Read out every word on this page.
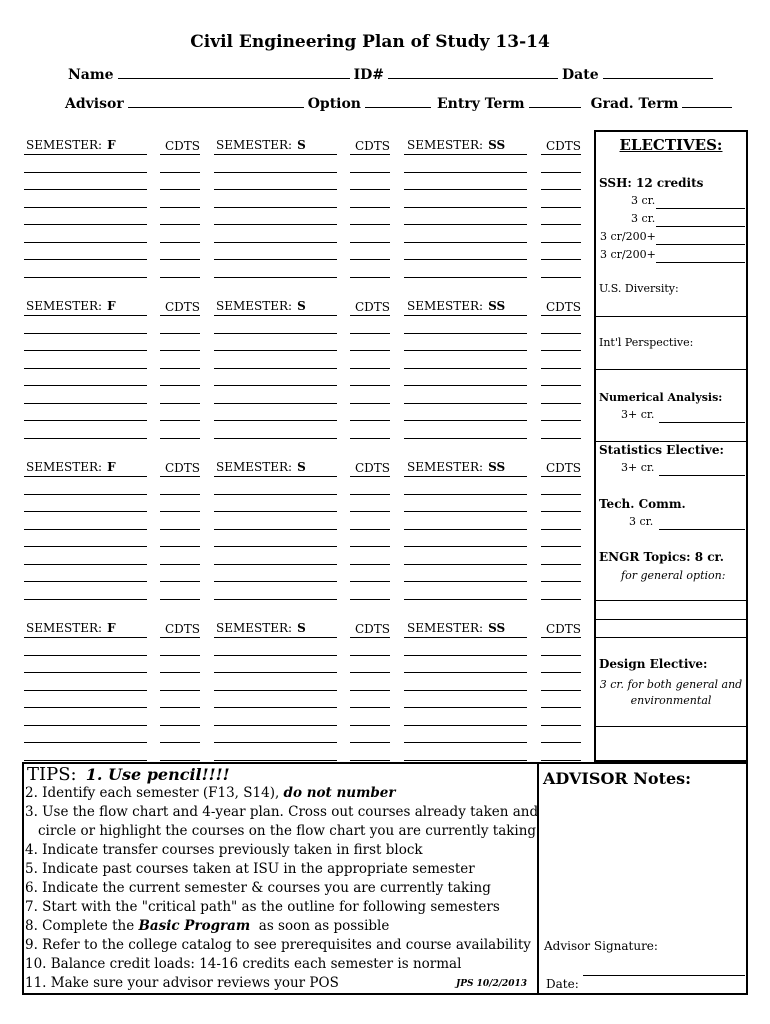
Civil Engineering Plan of Study 13-14
Name	ID#	Date
Advisor	Option	Entry Term	Grad. Term
SEMESTER: F	CDTS SEMESTER: S	CDTS SEMESTER: SS	CDTS
SEMESTER: F	CDTS SEMESTER: S	CDTS SEMESTER: SS	CDTS
SEMESTER: F	CDTS SEMESTER: S	CDTS SEMESTER: SS	CDTS
SEMESTER: F	CDTS SEMESTER: S	CDTS SEMESTER: SS	CDTS
ELECTIVES:
SSH: 12 credits
3 cr.
3 cr.
3 cr/200+
3 cr/200+
U.S. Diversity:
Int'l Perspective:
Numerical Analysis:
3+ cr.
Statistics Elective:
3+ cr.
Tech. Comm.
3 cr.
ENGR Topics: 8 cr.
for general option:
Design Elective:
3 cr. for both general and
environmental
TIPS: 1. Use pencil!!!!
2. Identify each semester (F13, S14), do not number
3. Use the flow chart and 4-year plan. Cross out courses already taken and
circle or highlight the courses on the flow chart you are currently taking
4. Indicate transfer courses previously taken in first block
5. Indicate past courses taken at ISU in the appropriate semester
6. Indicate the current semester & courses you are currently taking
7. Start with the "critical path" as the outline for following semesters
8. Complete the Basic Program as soon as possible
9. Refer to the college catalog to see prerequisites and course availability
10. Balance credit loads: 14-16 credits each semester is normal
11. Make sure your advisor reviews your POS	JPS 10/2/2013
ADVISOR Notes:
Advisor Signature:
Date:
